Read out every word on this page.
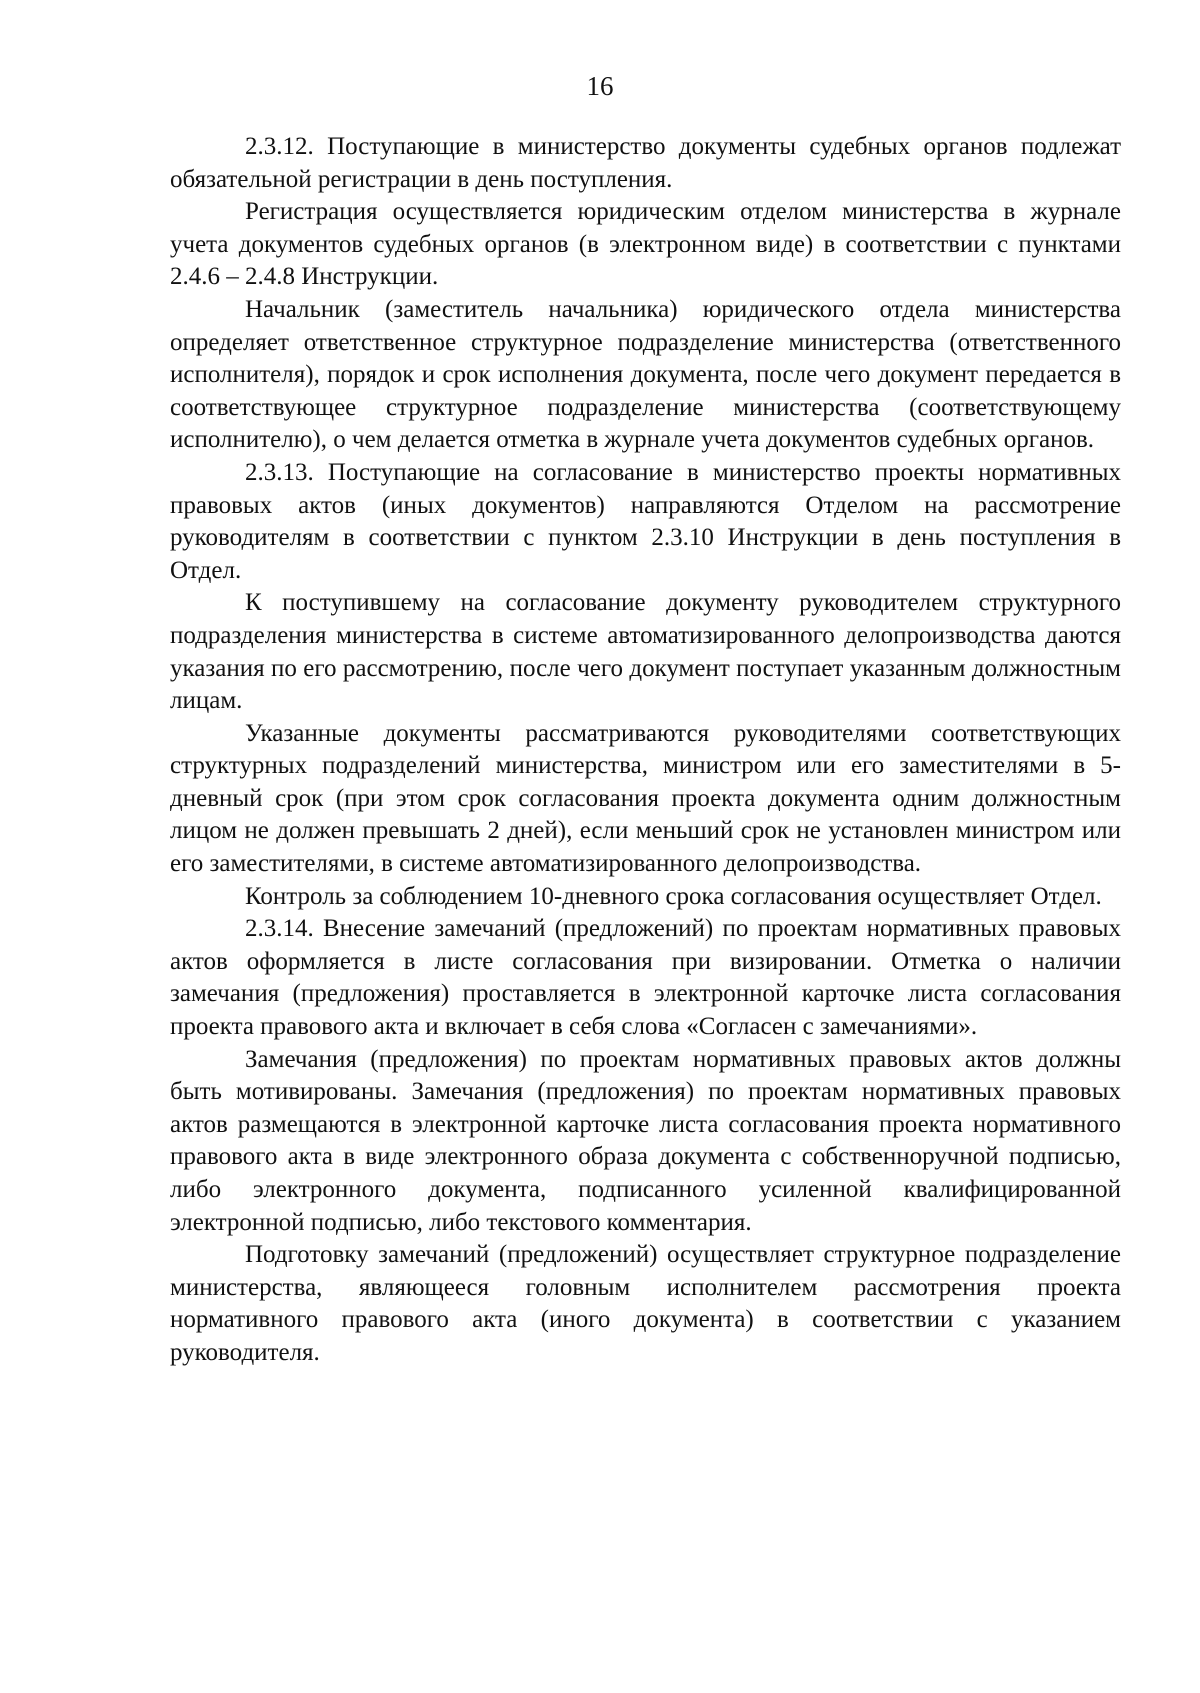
16

2.3.12. Поступающие в министерство документы судебных органов подлежат обязательной регистрации в день поступления.

Регистрация осуществляется юридическим отделом министерства в журнале учета документов судебных органов (в электронном виде) в соответствии с пунктами 2.4.6 – 2.4.8 Инструкции.

Начальник (заместитель начальника) юридического отдела министерства определяет ответственное структурное подразделение министерства (ответственного исполнителя), порядок и срок исполнения документа, после чего документ передается в соответствующее структурное подразделение министерства (соответствующему исполнителю), о чем делается отметка в журнале учета документов судебных органов.

2.3.13. Поступающие на согласование в министерство проекты нормативных правовых актов (иных документов) направляются Отделом на рассмотрение руководителям в соответствии с пунктом 2.3.10 Инструкции в день поступления в Отдел.

К поступившему на согласование документу руководителем структурного подразделения министерства в системе автоматизированного делопроизводства даются указания по его рассмотрению, после чего документ поступает указанным должностным лицам.

Указанные документы рассматриваются руководителями соответствующих структурных подразделений министерства, министром или его заместителями в 5-дневный срок (при этом срок согласования проекта документа одним должностным лицом не должен превышать 2 дней), если меньший срок не установлен министром или его заместителями, в системе автоматизированного делопроизводства.

Контроль за соблюдением 10-дневного срока согласования осуществляет Отдел.

2.3.14. Внесение замечаний (предложений) по проектам нормативных правовых актов оформляется в листе согласования при визировании. Отметка о наличии замечания (предложения) проставляется в электронной карточке листа согласования проекта правового акта и включает в себя слова «Согласен с замечаниями».

Замечания (предложения) по проектам нормативных правовых актов должны быть мотивированы. Замечания (предложения) по проектам нормативных правовых актов размещаются в электронной карточке листа согласования проекта нормативного правового акта в виде электронного образа документа с собственноручной подписью, либо электронного документа, подписанного усиленной квалифицированной электронной подписью, либо текстового комментария.

Подготовку замечаний (предложений) осуществляет структурное подразделение министерства, являющееся головным исполнителем рассмотрения проекта нормативного правового акта (иного документа) в соответствии с указанием руководителя.
